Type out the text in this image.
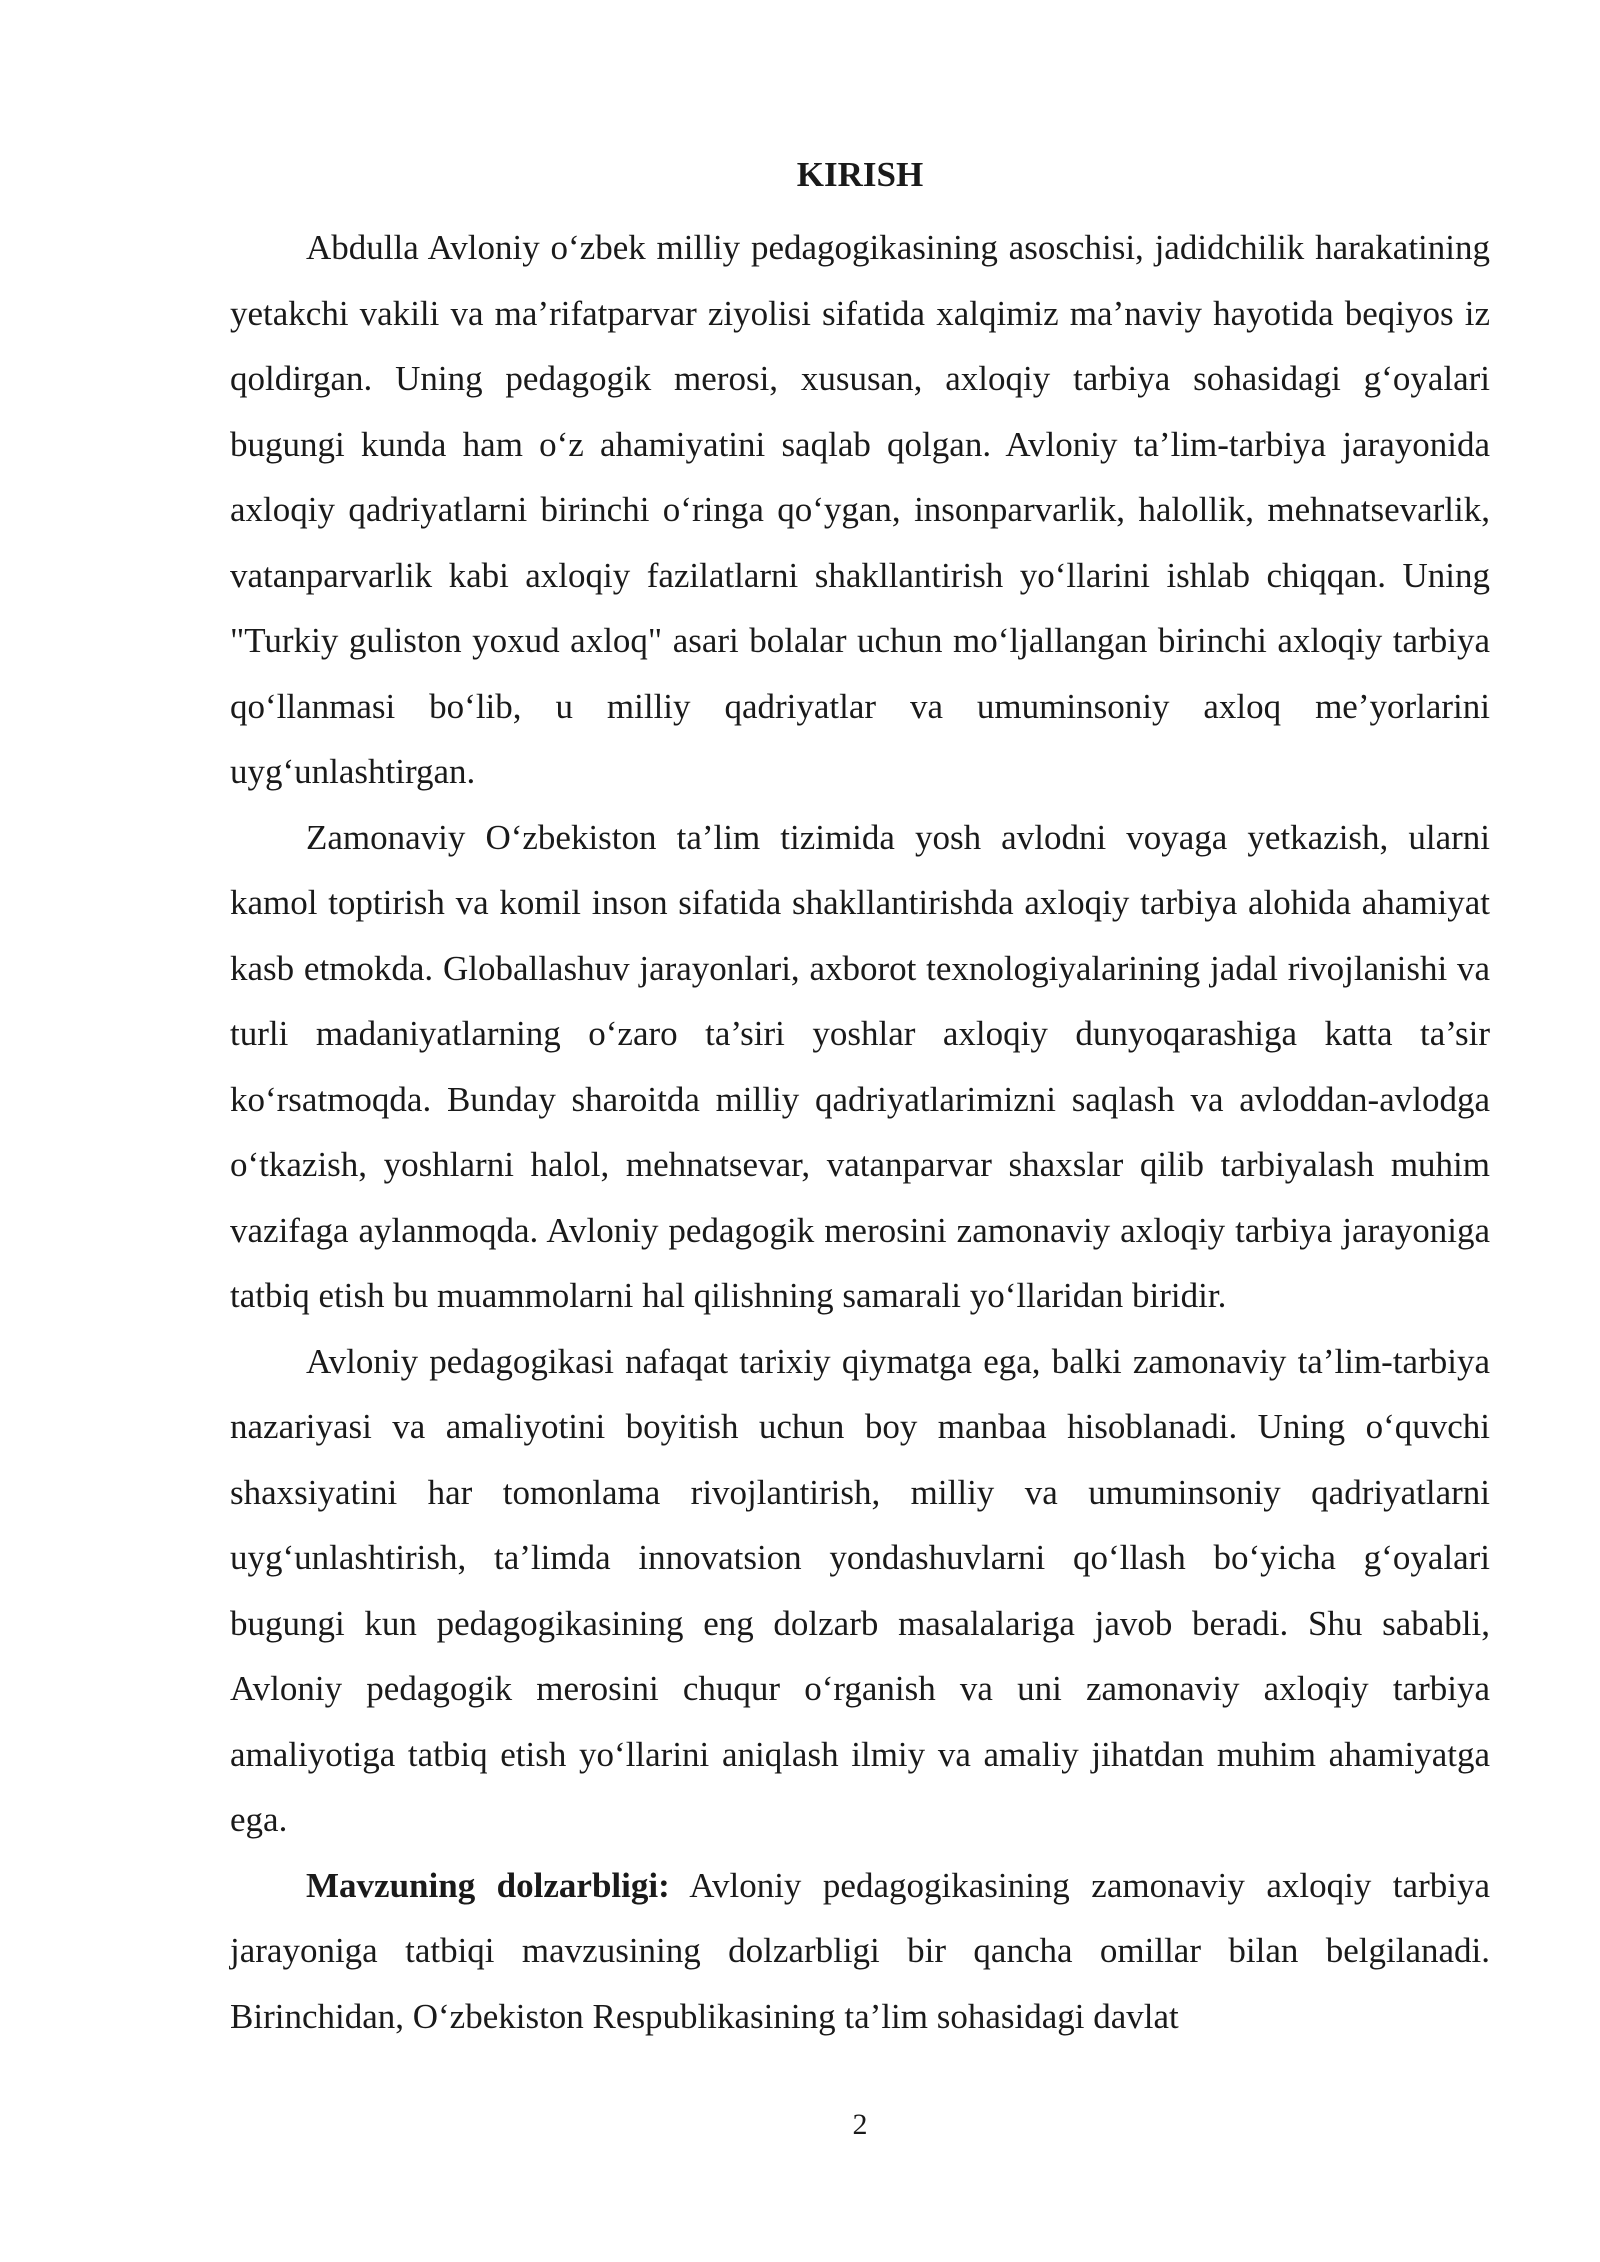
KIRISH

Abdulla Avloniy o‘zbek milliy pedagogikasining asoschisi, jadidchilik harakatining yetakchi vakili va ma’rifatparvar ziyolisi sifatida xalqimiz ma’naviy hayotida beqiyos iz qoldirgan. Uning pedagogik merosi, xususan, axloqiy tarbiya sohasidagi g‘oyalari bugungi kunda ham o‘z ahamiyatini saqlab qolgan. Avloniy ta’lim-tarbiya jarayonida axloqiy qadriyatlarni birinchi o‘ringa qo‘ygan, insonparvarlik, halollik, mehnatsevarlik, vatanparvarlik kabi axloqiy fazilatlarni shakllantirish yo‘llarini ishlab chiqqan. Uning "Turkiy guliston yoxud axloq" asari bolalar uchun mo‘ljallangan birinchi axloqiy tarbiya qo‘llanmasi bo‘lib, u milliy qadriyatlar va umuminsoniy axloq me’yorlarini uyg‘unlashtirgan.

Zamonaviy O‘zbekiston ta’lim tizimida yosh avlodni voyaga yetkazish, ularni kamol toptirish va komil inson sifatida shakllantirishda axloqiy tarbiya alohida ahamiyat kasb etmokda. Globallashuv jarayonlari, axborot texnologiyalarining jadal rivojlanishi va turli madaniyatlarning o‘zaro ta’siri yoshlar axloqiy dunyoqarashiga katta ta’sir ko‘rsatmoqda. Bunday sharoitda milliy qadriyatlarimizni saqlash va avloddan-avlodga o‘tkazish, yoshlarni halol, mehnatsevar, vatanparvar shaxslar qilib tarbiyalash muhim vazifaga aylanmoqda. Avloniy pedagogik merosini zamonaviy axloqiy tarbiya jarayoniga tatbiq etish bu muammolarni hal qilishning samarali yo‘llaridan biridir.

Avloniy pedagogikasi nafaqat tarixiy qiymatga ega, balki zamonaviy ta’lim-tarbiya nazariyasi va amaliyotini boyitish uchun boy manbaa hisoblanadi. Uning o‘quvchi shaxsiyatini har tomonlama rivojlantirish, milliy va umuminsoniy qadriyatlarni uyg‘unlashtirish, ta’limda innovatsion yondashuvlarni qo‘llash bo‘yicha g‘oyalari bugungi kun pedagogikasining eng dolzarb masalalariga javob beradi. Shu sababli, Avloniy pedagogik merosini chuqur o‘rganish va uni zamonaviy axloqiy tarbiya amaliyotiga tatbiq etish yo‘llarini aniqlash ilmiy va amaliy jihatdan muhim ahamiyatga ega.

Mavzuning dolzarbligi: Avloniy pedagogikasining zamonaviy axloqiy tarbiya jarayoniga tatbiqi mavzusining dolzarbligi bir qancha omillar bilan belgilanadi. Birinchidan, O‘zbekiston Respublikasining ta’lim sohasidagi davlat

2
